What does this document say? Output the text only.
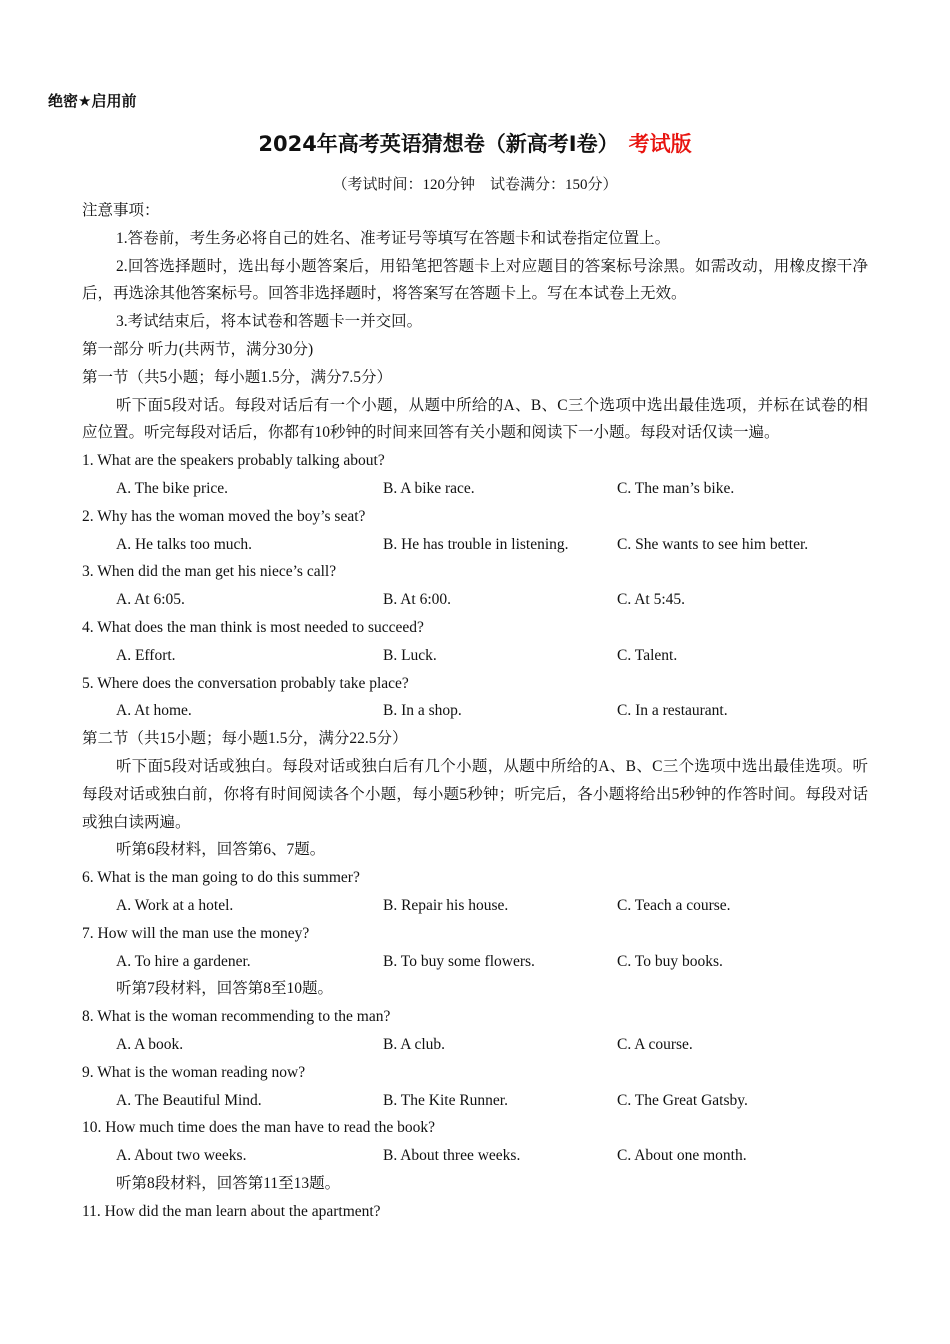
绝密★启用前
2024年高考英语猜想卷（新高考Ⅰ卷） 考试版
（考试时间：120分钟　试卷满分：150分）
注意事项：
1.答卷前，考生务必将自己的姓名、准考证号等填写在答题卡和试卷指定位置上。
2.回答选择题时，选出每小题答案后，用铅笔把答题卡上对应题目的答案标号涂黑。如需改动，用橡皮擦干净后，再选涂其他答案标号。回答非选择题时，将答案写在答题卡上。写在本试卷上无效。
3.考试结束后，将本试卷和答题卡一并交回。
第一部分 听力(共两节，满分30分)
第一节（共5小题；每小题1.5分，满分7.5分）
听下面5段对话。每段对话后有一个小题，从题中所给的A、B、C三个选项中选出最佳选项，并标在试卷的相应位置。听完每段对话后，你都有10秒钟的时间来回答有关小题和阅读下一小题。每段对话仅读一遍。
1. What are the speakers probably talking about?
A. The bike price.	B. A bike race.	C. The man’s bike.
2. Why has the woman moved the boy’s seat?
A. He talks too much.	B. He has trouble in listening.	C. She wants to see him better.
3. When did the man get his niece’s call?
A. At 6:05.	B. At 6:00.	C. At 5:45.
4. What does the man think is most needed to succeed?
A. Effort.	B. Luck.	C. Talent.
5. Where does the conversation probably take place?
A. At home.	B. In a shop.	C. In a restaurant.
第二节（共15小题；每小题1.5分，满分22.5分）
听下面5段对话或独白。每段对话或独白后有几个小题，从题中所给的A、B、C三个选项中选出最佳选项。听每段对话或独白前，你将有时间阅读各个小题，每小题5秒钟；听完后，各小题将给出5秒钟的作答时间。每段对话或独白读两遍。
听第6段材料，回答第6、7题。
6. What is the man going to do this summer?
A. Work at a hotel.	B. Repair his house.	C. Teach a course.
7. How will the man use the money?
A. To hire a gardener.	B. To buy some flowers.	C. To buy books.
听第7段材料，回答第8至10题。
8. What is the woman recommending to the man?
A. A book.	B. A club.	C. A course.
9. What is the woman reading now?
A. The Beautiful Mind.	B. The Kite Runner.	C. The Great Gatsby.
10. How much time does the man have to read the book?
A. About two weeks.	B. About three weeks.	C. About one month.
听第8段材料，回答第11至13题。
11. How did the man learn about the apartment?
